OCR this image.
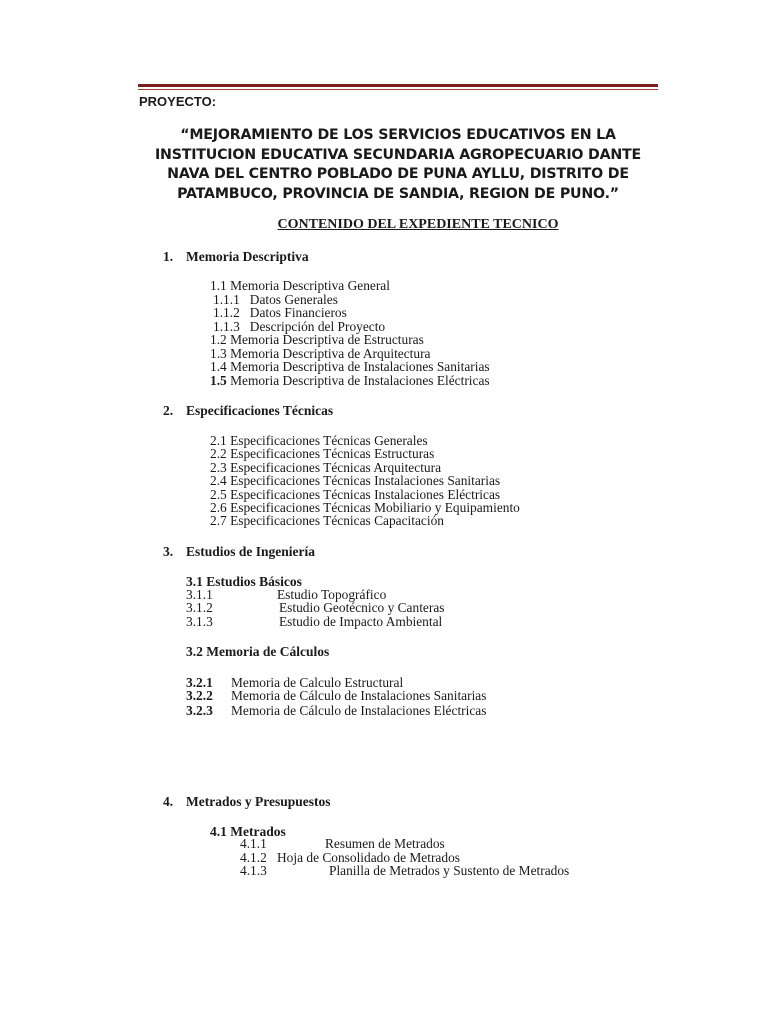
PROYECTO:
“MEJORAMIENTO DE LOS SERVICIOS EDUCATIVOS EN LA
INSTITUCION EDUCATIVA SECUNDARIA AGROPECUARIO DANTE
NAVA DEL CENTRO POBLADO DE PUNA AYLLU, DISTRITO DE
PATAMBUCO, PROVINCIA DE SANDIA, REGION DE PUNO.”
CONTENIDO DEL EXPEDIENTE TECNICO
1. Memoria Descriptiva
1.1 Memoria Descriptiva General
1.1.1 Datos Generales
1.1.2 Datos Financieros
1.1.3 Descripción del Proyecto
1.2 Memoria Descriptiva de Estructuras
1.3 Memoria Descriptiva de Arquitectura
1.4 Memoria Descriptiva de Instalaciones Sanitarias
1.5 Memoria Descriptiva de Instalaciones Eléctricas
2. Especificaciones Técnicas
2.1 Especificaciones Técnicas Generales
2.2 Especificaciones Técnicas Estructuras
2.3 Especificaciones Técnicas Arquitectura
2.4 Especificaciones Técnicas Instalaciones Sanitarias
2.5 Especificaciones Técnicas Instalaciones Eléctricas
2.6 Especificaciones Técnicas Mobiliario y Equipamiento
2.7 Especificaciones Técnicas Capacitación
3. Estudios de Ingeniería
3.1 Estudios Básicos
3.1.1	Estudio Topográfico
3.1.2	Estudio Geotécnico y Canteras
3.1.3	Estudio de Impacto Ambiental
3.2 Memoria de Cálculos
3.2.1 Memoria de Calculo Estructural
3.2.2 Memoria de Cálculo de Instalaciones Sanitarias
3.2.3 Memoria de Cálculo de Instalaciones Eléctricas
4. Metrados y Presupuestos
4.1 Metrados
4.1.1	Resumen de Metrados
4.1.2 Hoja de Consolidado de Metrados
4.1.3	Planilla de Metrados y Sustento de Metrados
